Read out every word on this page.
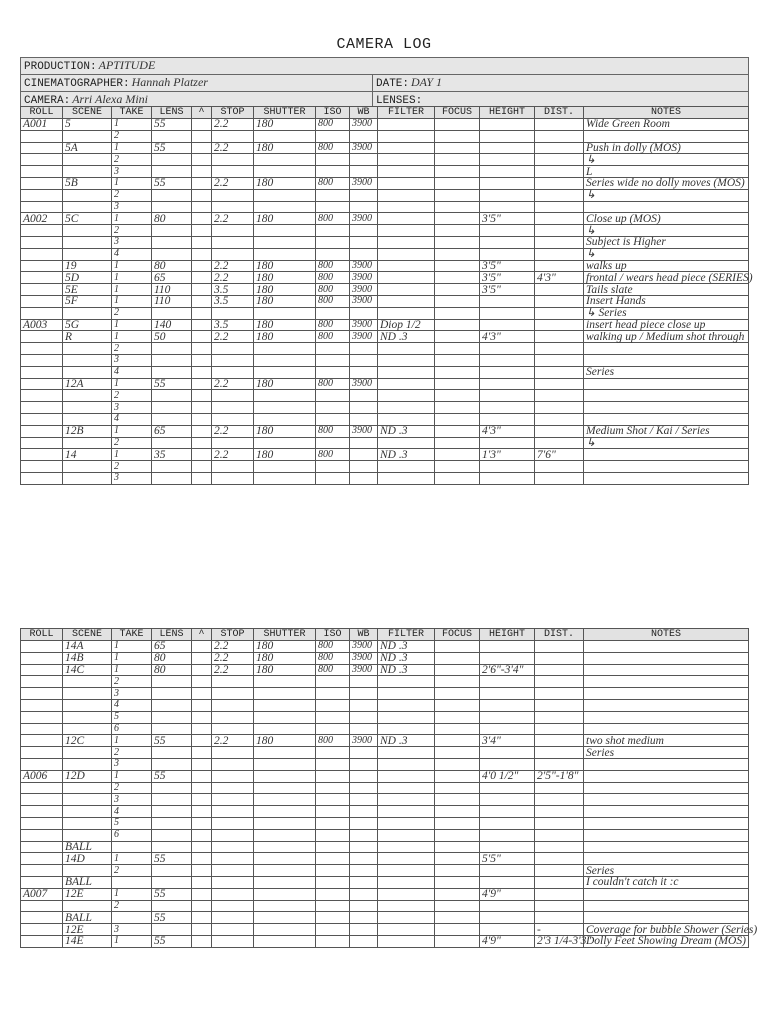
CAMERA LOG
PRODUCTION: APTITUDE	
CINEMATOGRAPHER: Hannah Platzer	DATE: DAY 1
CAMERA: Arri Alexa Mini	LENSES:
ROLL	SCENE	TAKE	LENS	^	STOP	SHUTTER	ISO	WB	FILTER	FOCUS	HEIGHT	DIST.	NOTES
A001	5	1	55		2.2	180	800	3900					Wide Green Room
		2											
	5A	1	55		2.2	180	800	3900					Push in dolly (MOS)
		2											↳
		3											L
	5B	1	55		2.2	180	800	3900					Series wide no dolly moves (MOS)
		2											↳
		3											
A002	5C	1	80		2.2	180	800	3900			3'5"		Close up (MOS)
		2											↳
		3											Subject is Higher
		4											↳
	19	1	80		2.2	180	800	3900			3'5"		walks up
	5D	1	65		2.2	180	800	3900			3'5"	4'3"	frontal / wears head piece (SERIES)
	5E	1	110		3.5	180	800	3900			3'5"		Tails slate
	5F	1	110		3.5	180	800	3900					Insert Hands
		2											↳ Series
A003	5G	1	140		3.5	180	800	3900	Diop 1/2				insert head piece close up
	R	1	50		2.2	180	800	3900	ND .3		4'3"		walking up / Medium shot through
		2											
		3											
		4											Series
	12A	1	55		2.2	180	800	3900					
		2											
		3											
		4											
	12B	1	65		2.2	180	800	3900	ND .3		4'3"		Medium Shot / Kai / Series
		2											↳
	14	1	35		2.2	180	800		ND .3		1'3"	7'6"	
		2											
		3											
ROLL	SCENE	TAKE	LENS	^	STOP	SHUTTER	ISO	WB	FILTER	FOCUS	HEIGHT	DIST.	NOTES
	14A	1	65		2.2	180	800	3900	ND .3				
	14B	1	80		2.2	180	800	3900	ND .3				
	14C	1	80		2.2	180	800	3900	ND .3		2'6"-3'4"		
		2											
		3											
		4											
		5											
		6											
	12C	1	55		2.2	180	800	3900	ND .3		3'4"		two shot medium
		2											Series
		3											
A006	12D	1	55								4'0 1/2"	2'5"-1'8"	
		2											
		3											
		4											
		5											
		6											
	BALL												
	14D	1	55								5'5"		
		2											Series
	BALL												I couldn't catch it :c
A007	12E	1	55								4'9"		
		2											
	BALL		55										
	12E	3										-	Coverage for bubble Shower (Series)
	14E	1	55								4'9"	2'3 1/4-3'3"	Dolly Feet Showing Dream (MOS)
